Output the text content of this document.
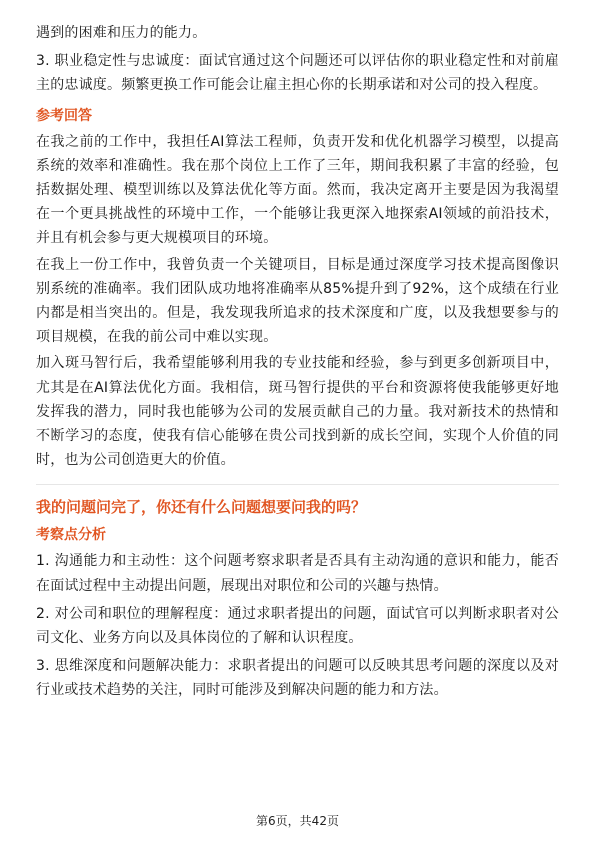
遇到的困难和压力的能力。

3. 职业稳定性与忠诚度：面试官通过这个问题还可以评估你的职业稳定性和对前雇主的忠诚度。频繁更换工作可能会让雇主担心你的长期承诺和对公司的投入程度。

参考回答

在我之前的工作中，我担任AI算法工程师，负责开发和优化机器学习模型，以提高系统的效率和准确性。我在那个岗位上工作了三年，期间我积累了丰富的经验，包括数据处理、模型训练以及算法优化等方面。然而，我决定离开主要是因为我渴望在一个更具挑战性的环境中工作，一个能够让我更深入地探索AI领域的前沿技术，并且有机会参与更大规模项目的环境。

在我上一份工作中，我曾负责一个关键项目，目标是通过深度学习技术提高图像识别系统的准确率。我们团队成功地将准确率从85%提升到了92%，这个成绩在行业内都是相当突出的。但是，我发现我所追求的技术深度和广度，以及我想要参与的项目规模，在我的前公司中难以实现。

加入斑马智行后，我希望能够利用我的专业技能和经验，参与到更多创新项目中，尤其是在AI算法优化方面。我相信，斑马智行提供的平台和资源将使我能够更好地发挥我的潜力，同时我也能够为公司的发展贡献自己的力量。我对新技术的热情和不断学习的态度，使我有信心能够在贵公司找到新的成长空间，实现个人价值的同时，也为公司创造更大的价值。

我的问题问完了，你还有什么问题想要问我的吗？

考察点分析

1. 沟通能力和主动性：这个问题考察求职者是否具有主动沟通的意识和能力，能否在面试过程中主动提出问题，展现出对职位和公司的兴趣与热情。

2. 对公司和职位的理解程度：通过求职者提出的问题，面试官可以判断求职者对公司文化、业务方向以及具体岗位的了解和认识程度。

3. 思维深度和问题解决能力：求职者提出的问题可以反映其思考问题的深度以及对行业或技术趋势的关注，同时可能涉及到解决问题的能力和方法。

第6页，共42页
